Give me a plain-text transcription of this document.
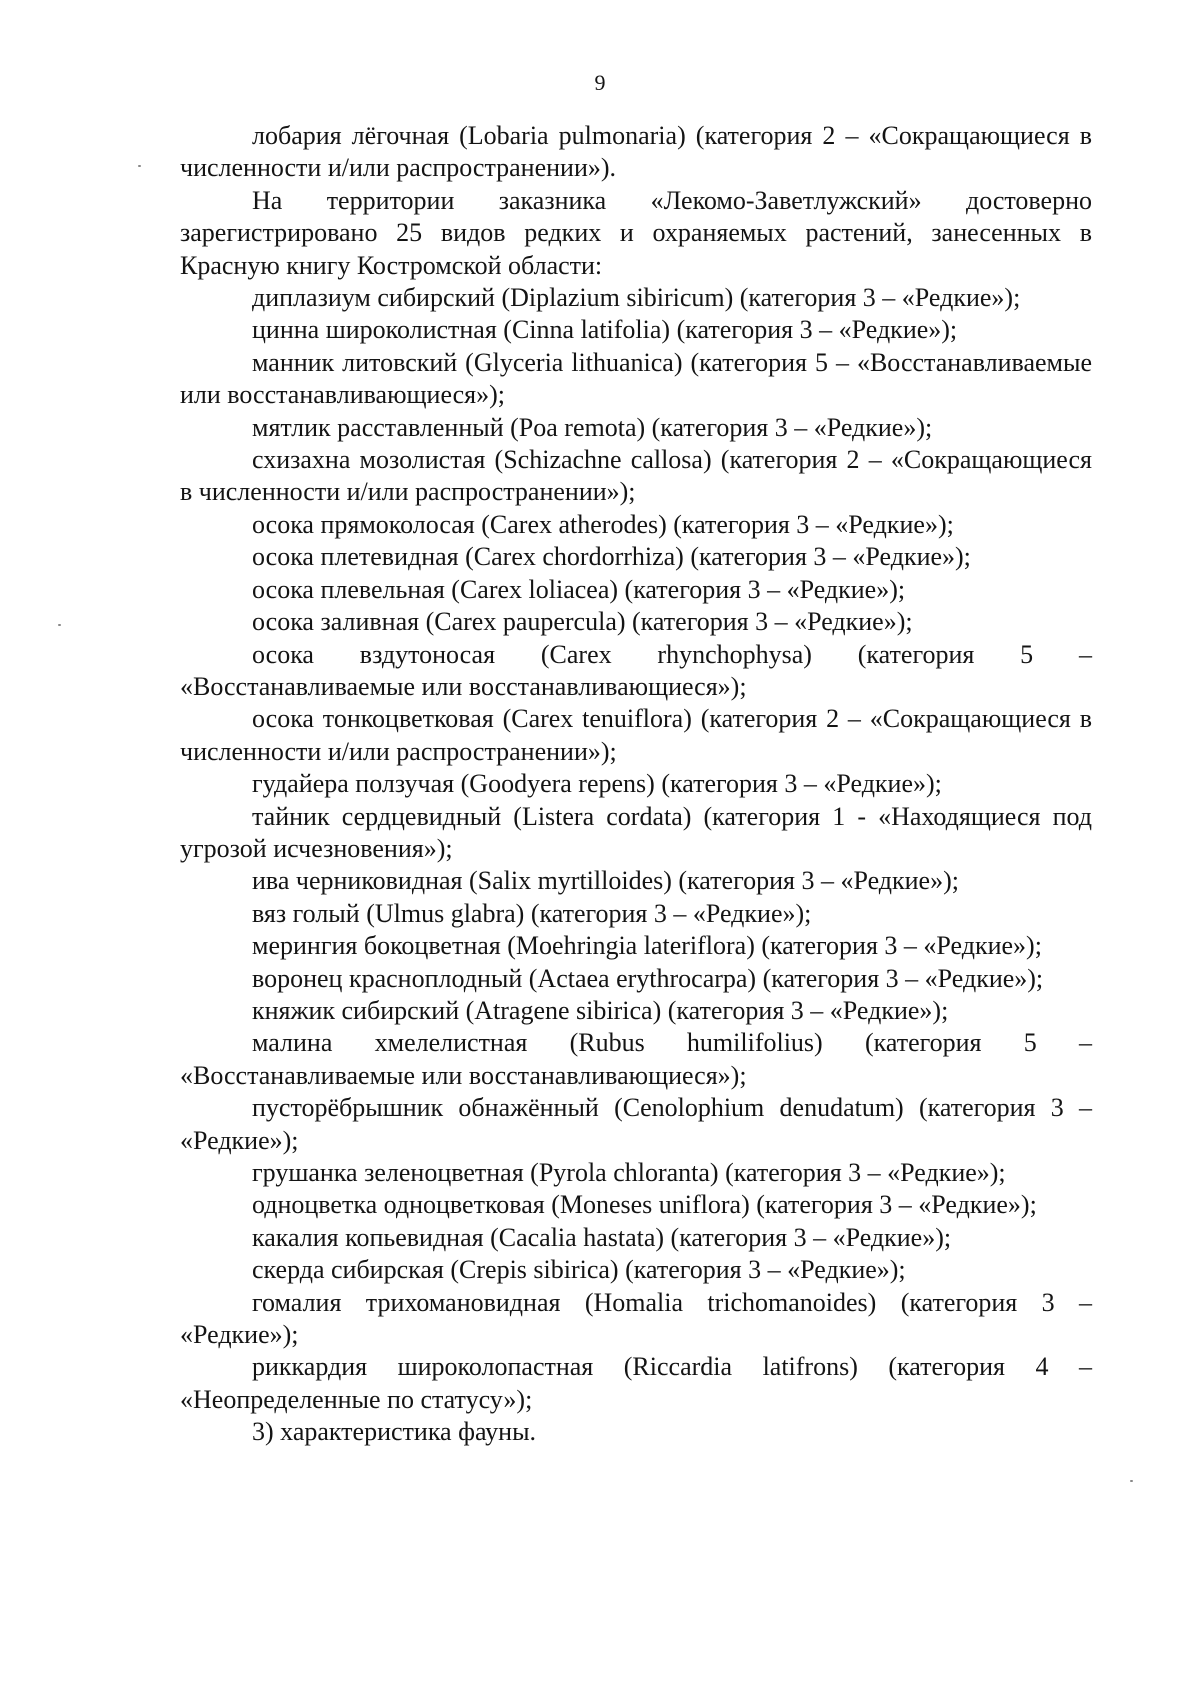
9

лобария лёгочная (Lobaria pulmonaria) (категория 2 – «Сокращающиеся в численности и/или распространении»).

На территории заказника «Лекомо-Заветлужский» достоверно зарегистрировано 25 видов редких и охраняемых растений, занесенных в Красную книгу Костромской области:

диплазиум сибирский (Diplazium sibiricum) (категория 3 – «Редкие»);

цинна широколистная (Cinna latifolia) (категория 3 – «Редкие»);

манник литовский (Glyceria lithuanica) (категория 5 – «Восстанавливаемые или восстанавливающиеся»);

мятлик расставленный (Poa remota) (категория 3 – «Редкие»);

схизахна мозолистая (Schizachne callosa) (категория 2 – «Сокращающиеся в численности и/или распространении»);

осока прямоколосая (Carex atherodes) (категория 3 – «Редкие»);

осока плетевидная (Carex chordorrhiza) (категория 3 – «Редкие»);

осока плевельная (Carex loliacea) (категория 3 – «Редкие»);

осока заливная (Carex paupercula) (категория 3 – «Редкие»);

осока вздутоносая (Carex rhynchophysa) (категория 5 – «Восстанавливаемые или восстанавливающиеся»);

осока тонкоцветковая (Carex tenuiflora) (категория 2 – «Сокращающиеся в численности и/или распространении»);

гудайера ползучая (Goodyera repens) (категория 3 – «Редкие»);

тайник сердцевидный (Listera cordata) (категория 1 - «Находящиеся под угрозой исчезновения»);

ива черниковидная (Salix myrtilloides) (категория 3 – «Редкие»);

вяз голый (Ulmus glabra) (категория 3 – «Редкие»);

мерингия бокоцветная (Moehringia lateriflora) (категория 3 – «Редкие»);

воронец красноплодный (Actaea erythrocarpa) (категория 3 – «Редкие»);

княжик сибирский (Atragene sibirica) (категория 3 – «Редкие»);

малина хмелелистная (Rubus humilifolius) (категория 5 – «Восстанавливаемые или восстанавливающиеся»);

пусторёбрышник обнажённый (Cenolophium denudatum) (категория 3 – «Редкие»);

грушанка зеленоцветная (Pyrola chloranta) (категория 3 – «Редкие»);

одноцветка одноцветковая (Moneses uniflora) (категория 3 – «Редкие»);

какалия копьевидная (Cacalia hastata) (категория 3 – «Редкие»);

скерда сибирская (Crepis sibirica) (категория 3 – «Редкие»);

гомалия трихомановидная (Homalia trichomanoides) (категория 3 – «Редкие»);

риккардия широколопастная (Riccardia latifrons) (категория 4 – «Неопределенные по статусу»);

3) характеристика фауны.
